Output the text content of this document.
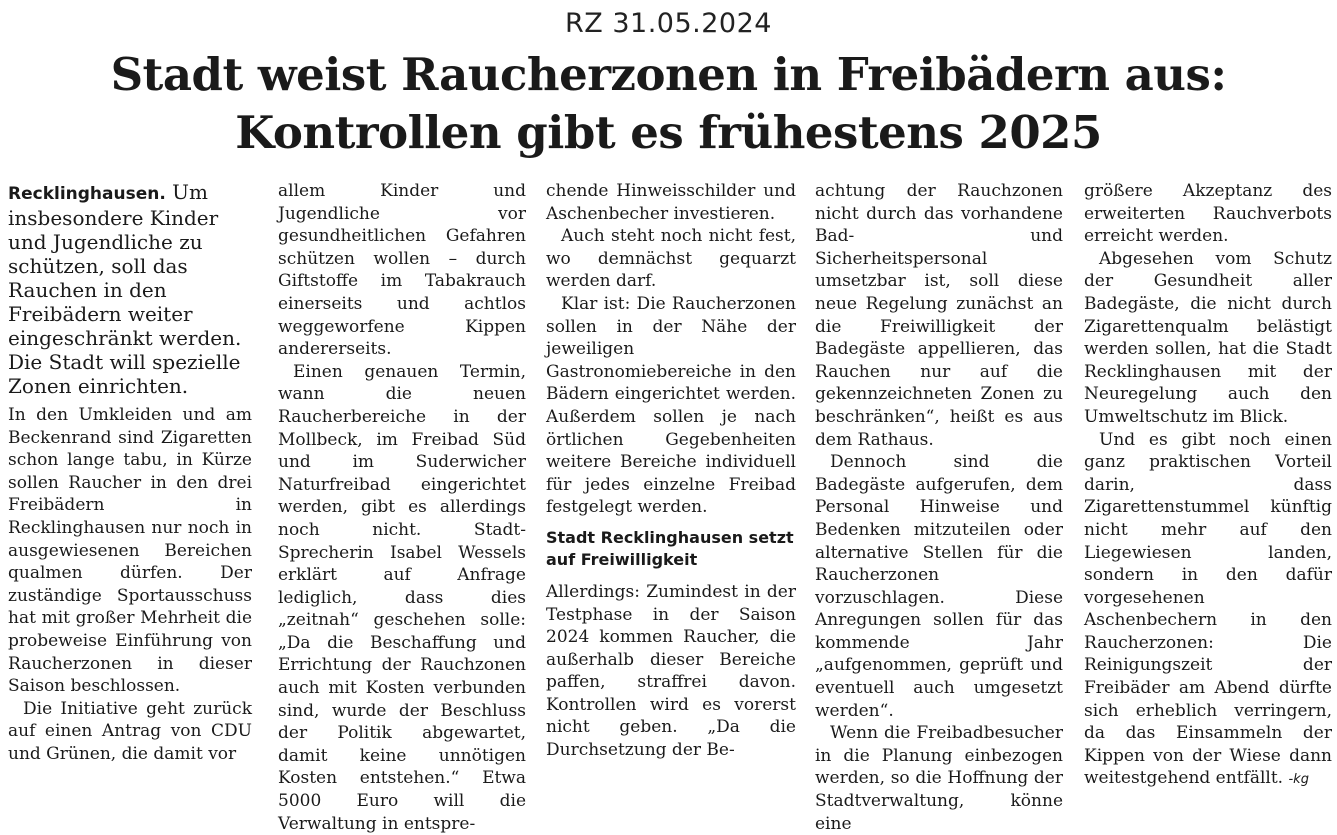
RZ 31.05.2024
Stadt weist Raucherzonen in Freibädern aus:
Kontrollen gibt es frühestens 2025

Recklinghausen. Um insbesondere Kinder und Jugendliche zu schützen, soll das Rauchen in den Freibädern weiter eingeschränkt werden. Die Stadt will spezielle Zonen einrichten.

In den Umkleiden und am Beckenrand sind Zigaretten schon lange tabu, in Kürze sollen Raucher in den drei Freibädern in Recklinghausen nur noch in ausgewiesenen Bereichen qualmen dürfen. Der zuständige Sportausschuss hat mit großer Mehrheit die probeweise Einführung von Raucherzonen in dieser Saison beschlossen.

Die Initiative geht zurück auf einen Antrag von CDU und Grünen, die damit vor

allem Kinder und Jugendliche vor gesundheitlichen Gefahren schützen wollen – durch Giftstoffe im Tabakrauch einerseits und achtlos weggeworfene Kippen andererseits.

Einen genauen Termin, wann die neuen Raucherbereiche in der Mollbeck, im Freibad Süd und im Suderwicher Naturfreibad eingerichtet werden, gibt es allerdings noch nicht. Stadt-Sprecherin Isabel Wessels erklärt auf Anfrage lediglich, dass dies „zeitnah“ geschehen solle: „Da die Beschaffung und Errichtung der Rauchzonen auch mit Kosten verbunden sind, wurde der Beschluss der Politik abgewartet, damit keine unnötigen Kosten entstehen.“ Etwa 5000 Euro will die Verwaltung in entspre-

chende Hinweisschilder und Aschenbecher investieren.

Auch steht noch nicht fest, wo demnächst gequarzt werden darf.

Klar ist: Die Raucherzonen sollen in der Nähe der jeweiligen Gastronomiebereiche in den Bädern eingerichtet werden. Außerdem sollen je nach örtlichen Gegebenheiten weitere Bereiche individuell für jedes einzelne Freibad festgelegt werden.

Stadt Recklinghausen setzt auf Freiwilligkeit

Allerdings: Zumindest in der Testphase in der Saison 2024 kommen Raucher, die außerhalb dieser Bereiche paffen, straffrei davon. Kontrollen wird es vorerst nicht geben. „Da die Durchsetzung der Be-

achtung der Rauchzonen nicht durch das vorhandene Bad- und Sicherheitspersonal umsetzbar ist, soll diese neue Regelung zunächst an die Freiwilligkeit der Badegäste appellieren, das Rauchen nur auf die gekennzeichneten Zonen zu beschränken“, heißt es aus dem Rathaus.

Dennoch sind die Badegäste aufgerufen, dem Personal Hinweise und Bedenken mitzuteilen oder alternative Stellen für die Raucherzonen vorzuschlagen. Diese Anregungen sollen für das kommende Jahr „aufgenommen, geprüft und eventuell auch umgesetzt werden“.

Wenn die Freibadbesucher in die Planung einbezogen werden, so die Hoffnung der Stadtverwaltung, könne eine

größere Akzeptanz des erweiterten Rauchverbots erreicht werden.

Abgesehen vom Schutz der Gesundheit aller Badegäste, die nicht durch Zigarettenqualm belästigt werden sollen, hat die Stadt Recklinghausen mit der Neuregelung auch den Umweltschutz im Blick.

Und es gibt noch einen ganz praktischen Vorteil darin, dass Zigarettenstummel künftig nicht mehr auf den Liegewiesen landen, sondern in den dafür vorgesehenen Aschenbechern in den Raucherzonen: Die Reinigungszeit der Freibäder am Abend dürfte sich erheblich verringern, da das Einsammeln der Kippen von der Wiese dann weitestgehend entfällt. -kg
